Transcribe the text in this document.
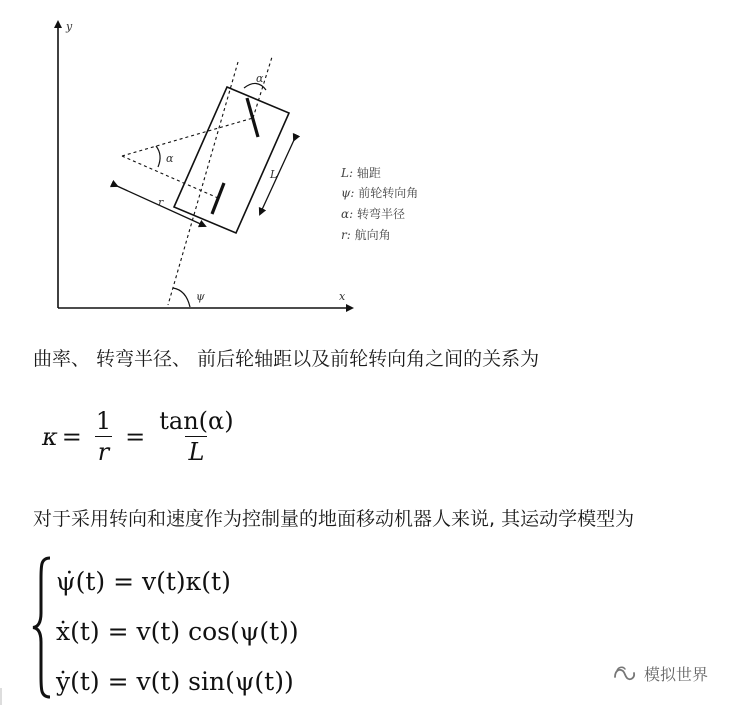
y
x
α
α
ψ
L
r
L: 轴距
ψ: 前轮转向角
α: 转弯半径
r: 航向角

曲率、 转弯半径、 前后轮轴距以及前轮转向角之间的关系为

$\kappa = \frac{1}{r} = \frac{\tan(\alpha)}{L}$

对于采用转向和速度作为控制量的地面移动机器人来说, 其运动学模型为

ψ̇(t) = v(t)κ(t)
ẋ(t) = v(t) cos(ψ(t))
ẏ(t) = v(t) sin(ψ(t))	模拟世界
